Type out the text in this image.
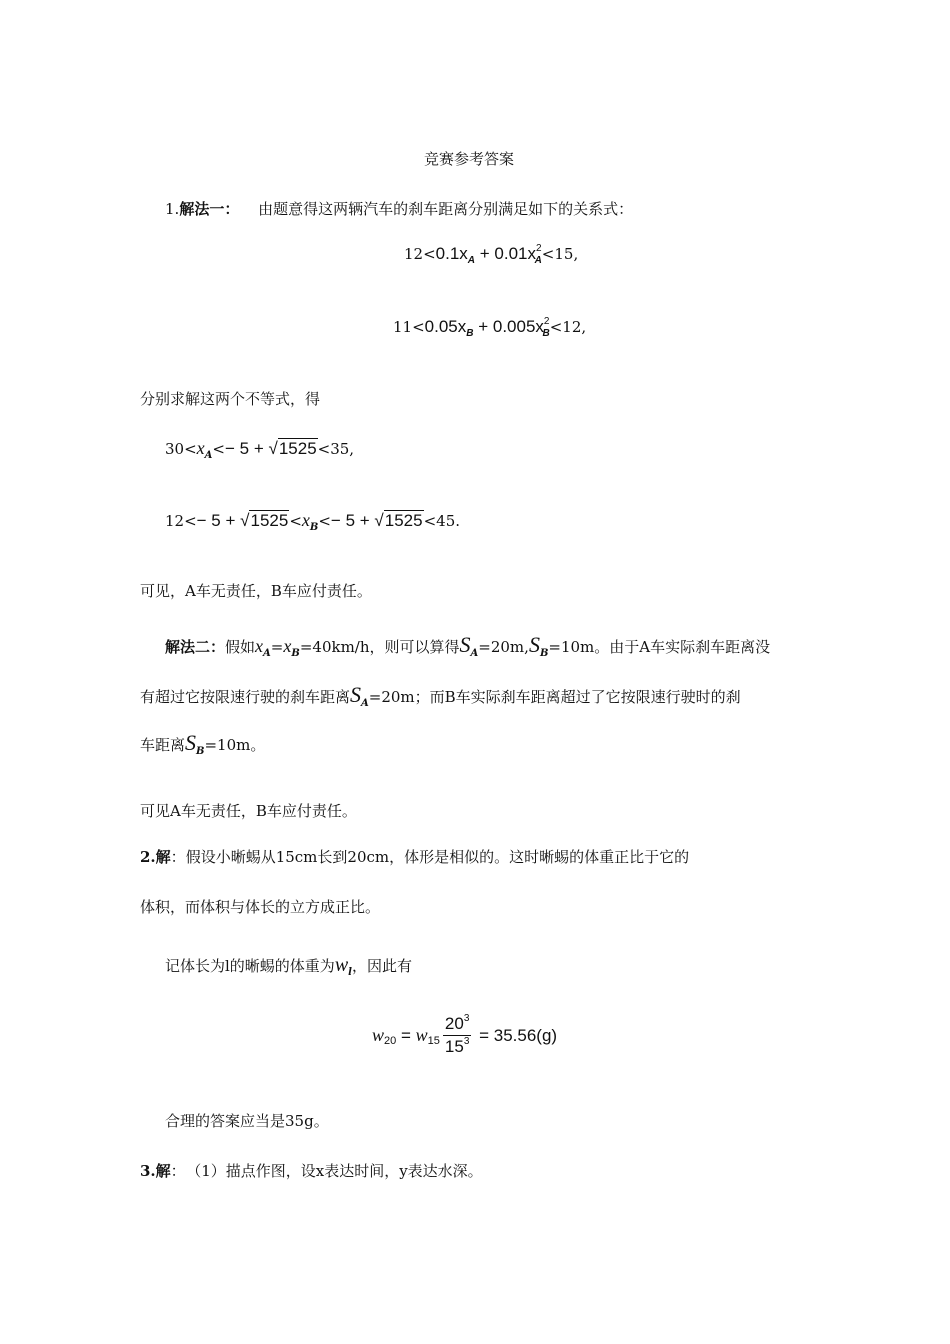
竞赛参考答案
1.解法一： 由题意得这两辆汽车的刹车距离分别满足如下的关系式：
$12<0.1x_A + 0.01x^2_A<15$,
$11<0.05x_B + 0.005x^2_B<12$,
分别求解这两个不等式，得
$30<x_A<- 5 + √1525<35$,
$12<- 5 + √1525<x_B<- 5 + √1525<45$.
可见，A车无责任，B车应付责任。
解法二：假如$x_A=x_B=40km/h$，则可以算得$S_A=20m,S_B=10m$。由于A车实际刹车距离没
有超过它按限速行驶的刹车距离$S_A=20m$；而B车实际刹车距离超过了它按限速行驶时的刹
车距离$S_B=10m$。
可见A车无责任，B车应付责任。
2.解：假设小晰蜴从15cm长到20cm，体形是相似的。这时晰蜴的体重正比于它的
体积，而体积与体长的立方成正比。
记体长为l的晰蜴的体重为$w_l$，因此有
w 20 = w $15 \frac{20^3}{15^3} = 35.56(g)$
合理的答案应当是35g。
3.解： （1）描点作图，设x表达时间，y表达水深。
